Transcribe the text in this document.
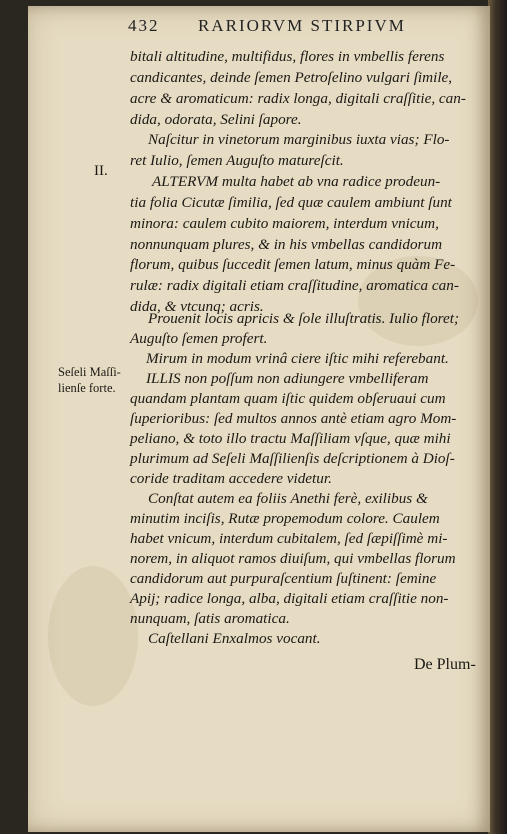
432 RARIORVM STIRPIVM
II.
Seſeli Maſſi-
lienſe forte.
bitali altitudine, multifidus, flores in vmbellis ferens
candicantes, deinde ſemen Petroſelino vulgari ſimile,
acre & aromaticum: radix longa, digitali craſſitie, can-
dida, odorata, Selini ſapore.
Naſcitur in vinetorum marginibus iuxta vias; Flo-
ret Iulio, ſemen Auguſto matureſcit.
ALTERVM multa habet ab vna radice prodeun-
tia folia Cicutæ ſimilia, ſed quæ caulem ambiunt ſunt
minora: caulem cubito maiorem, interdum vnicum,
nonnunquam plures, & in his vmbellas candidorum
florum, quibus ſuccedit ſemen latum, minus quàm Fe-
rulæ: radix digitali etiam craſſitudine, aromatica can-
dida, & vtcunq; acris.
Prouenit locis apricis & ſole illuſtratis. Iulio floret;
Auguſto ſemen profert.
Mirum in modum vrinâ ciere iſtic mihi referebant.
ILLIS non poſſum non adiungere vmbelliferam
quandam plantam quam iſtic quidem obſeruaui cum
ſuperioribus: ſed multos annos antè etiam agro Mom-
peliano, & toto illo tractu Maſſiliam vſque, quæ mihi
plurimum ad Seſeli Maſſilienſis deſcriptionem à Dioſ-
coride traditam accedere videtur.
Conſtat autem ea foliis Anethi ferè, exilibus &
minutim inciſis, Rutæ propemodum colore. Caulem
habet vnicum, interdum cubitalem, ſed ſæpiſſimè mi-
norem, in aliquot ramos diuiſum, qui vmbellas florum
candidorum aut purpuraſcentium ſuſtinent: ſemine
Apij; radice longa, alba, digitali etiam craſſitie non-
nunquam, ſatis aromatica.
Caſtellani Enxalmos vocant.
De Plum-
